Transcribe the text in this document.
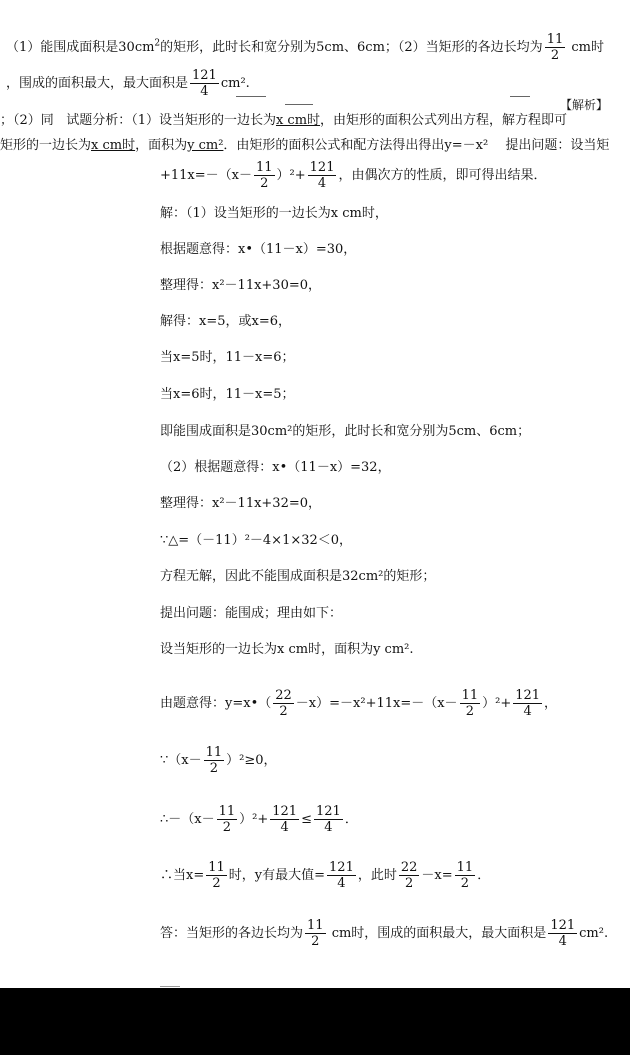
（1）能围成面积是$30cm^2$的矩形，此时长和宽分别为5cm、6cm；（2）当矩形的各边长均为 $\frac{11}{2}$ cm时
，围成的面积最大，最大面积是 $\frac{121}{4} cm^2$.
【解析】
；（2）同 试题分析：（1）设当矩形的一边长为x cm时，由矩形的面积公式列出方程，解方程即可
矩形的一边长为x cm时，面积为y cm²．由矩形的面积公式和配方法得出得出y=－x²　 提出问题：设当矩
$+11x=-(x- \frac{11}{2} )^2+ \frac{121}{4}$ ，由偶次方的性质，即可得出结果．
解：（1）设当矩形的一边长为x cm时，
根据题意得：x•（11－x）=30，
整理得：x²－11x+30=0，
解得：x=5，或x=6，
当x=5时，11－x=6；
当x=6时，11－x=5；
即能围成面积是30cm²的矩形，此时长和宽分别为5cm、6cm；
（2）根据题意得：x•（11－x）=32，
整理得：x²－11x+32=0，
∵△=（－11）²－4×1×32＜0，
方程无解，因此不能围成面积是32cm²的矩形；
提出问题：能围成；理由如下：
设当矩形的一边长为x cm时，面积为y cm².
由题意得：y=x•（ $\frac{22}{2} -x)=-x^2+11x=-(x- \frac{11}{2} )^2+ \frac{121}{4}$ ，
∵（x－ $\frac{11}{2} )^2\ge 0$，
∴－（x－ $\frac{11}{2} )^2+ \frac{121}{4} \le \frac{121}{4}$ ．
∴当$x= \frac{11}{2}$ 时，y有最大值= $\frac{121}{4}$ ，此时 $\frac{22}{2} -x= \frac{11}{2}$ ．
答：当矩形的各边长均为 $\frac{11}{2}$ cm时，围成的面积最大，最大面积是 $\frac{121}{4} cm^2$.
